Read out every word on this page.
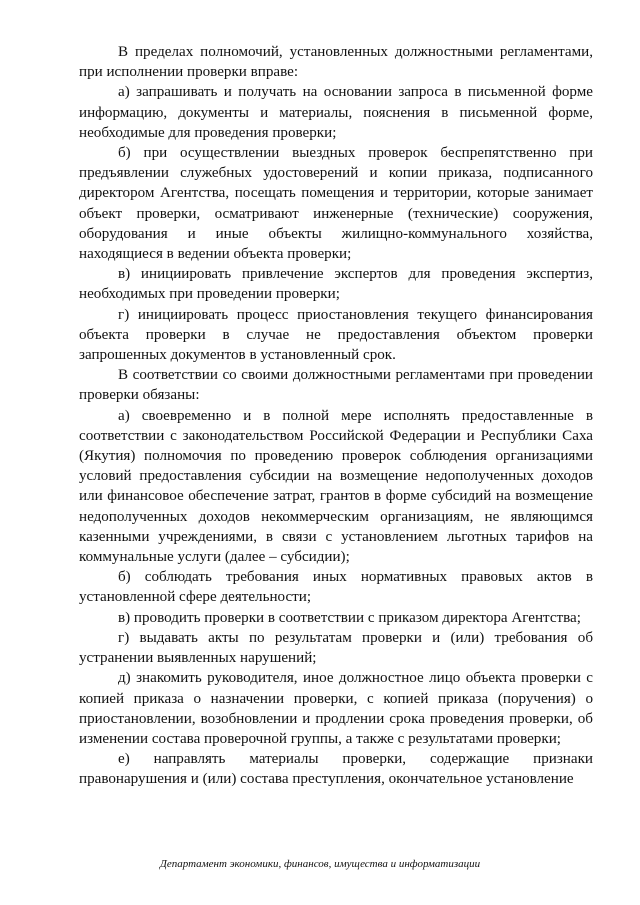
В пределах полномочий, установленных должностными регламентами, при исполнении проверки вправе:

а) запрашивать и получать на основании запроса в письменной форме информацию, документы и материалы, пояснения в письменной форме, необходимые для проведения проверки;

б) при осуществлении выездных проверок беспрепятственно при предъявлении служебных удостоверений и копии приказа, подписанного директором Агентства, посещать помещения и территории, которые занимает объект проверки, осматривают инженерные (технические) сооружения, оборудования и иные объекты жилищно-коммунального хозяйства, находящиеся в ведении объекта проверки;

в) инициировать привлечение экспертов для проведения экспертиз, необходимых при проведении проверки;

г) инициировать процесс приостановления текущего финансирования объекта проверки в случае не предоставления объектом проверки запрошенных документов в установленный срок.

В соответствии со своими должностными регламентами при проведении проверки обязаны:

а) своевременно и в полной мере исполнять предоставленные в соответствии с законодательством Российской Федерации и Республики Саха (Якутия) полномочия по проведению проверок соблюдения организациями условий предоставления субсидии на возмещение недополученных доходов или финансовое обеспечение затрат, грантов в форме субсидий на возмещение недополученных доходов некоммерческим организациям, не являющимся казенными учреждениями, в связи с установлением льготных тарифов на коммунальные услуги (далее – субсидии);

б) соблюдать требования иных нормативных правовых актов в установленной сфере деятельности;

в) проводить проверки в соответствии с приказом директора Агентства;

г) выдавать акты по результатам проверки и (или) требования об устранении выявленных нарушений;

д) знакомить руководителя, иное должностное лицо объекта проверки с копией приказа о назначении проверки, с копией приказа (поручения) о приостановлении, возобновлении и продлении срока проведения проверки, об изменении состава проверочной группы, а также с результатами проверки;

е) направлять материалы проверки, содержащие признаки правонарушения и (или) состава преступления, окончательное установление

Департамент экономики, финансов, имущества и информатизации
